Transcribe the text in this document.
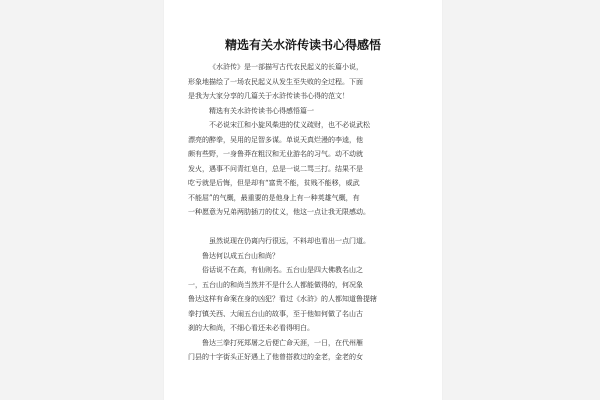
精选有关水浒传读书心得感悟
《水浒传》是一部描写古代农民起义的长篇小说，
形象地描绘了一场农民起义从发生至失败的全过程。下面
是我为大家分享的几篇关于水浒传读书心得的范文！
精选有关水浒传读书心得感悟篇一
不必说宋江和小旋风柴进的仗义疏财，也不必说武松
漂亮的醉拳，吴用的足智多谋。单说天真烂漫的李逵，他
颇有些野，一身鲁莽在粗汉和无业游名的习气。动不动就
发火，遇事不问青红皂白，总是一说二骂三打。结果不是
吃亏就是后悔，但是却有“富贵不能，贫贱不能移，威武
不能屈”的气概，最重要的是他身上有一种英雄气概，有
一种愿意为兄弟两肋插刀的仗义，他这一点让我无限感动。
虽然说现在仍离内行很远，不料却也看出一点门道。
鲁达何以成五台山和尚？
俗话说不在高，有仙则名。五台山是四大佛教名山之
一，五台山的和尚当然并不是什么人都能做得的，何况象
鲁达这样有命案在身的凶犯？看过《水浒》的人都知道鲁提辖
拳打镇关西、大闹五台山的故事，至于他如何做了名山古
刹的大和尚，不细心看还未必看得明白。
鲁达三拳打死郑屠之后便亡命天涯，一日，在代州雁
门县的十字街头正好遇上了他曾搭救过的金老，金老的女
